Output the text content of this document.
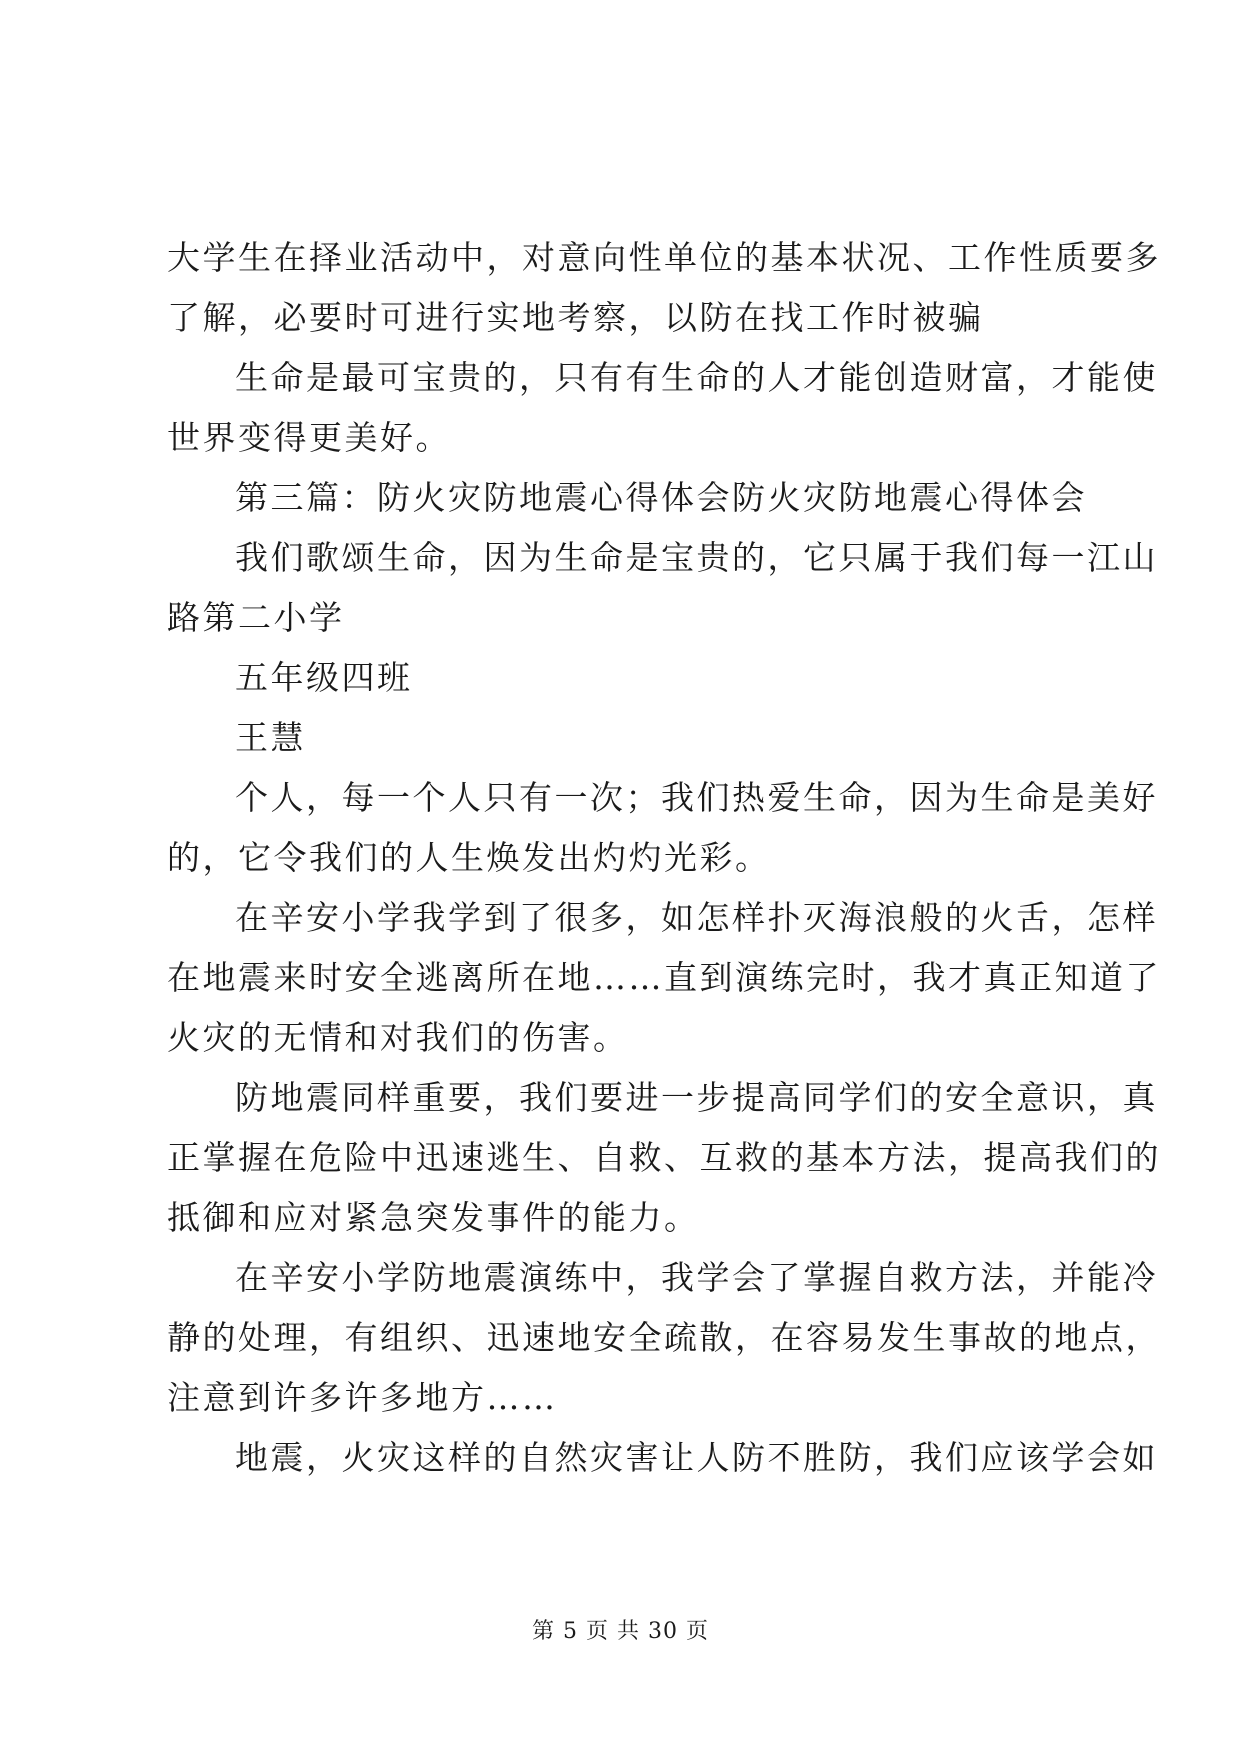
大学生在择业活动中，对意向性单位的基本状况、工作性质要多
了解，必要时可进行实地考察，以防在找工作时被骗
生命是最可宝贵的，只有有生命的人才能创造财富，才能使
世界变得更美好。
第三篇：防火灾防地震心得体会防火灾防地震心得体会
我们歌颂生命，因为生命是宝贵的，它只属于我们每一江山
路第二小学
五年级四班
王慧
个人，每一个人只有一次；我们热爱生命，因为生命是美好
的，它令我们的人生焕发出灼灼光彩。
在辛安小学我学到了很多，如怎样扑灭海浪般的火舌，怎样
在地震来时安全逃离所在地……直到演练完时，我才真正知道了
火灾的无情和对我们的伤害。
防地震同样重要，我们要进一步提高同学们的安全意识，真
正掌握在危险中迅速逃生、自救、互救的基本方法，提高我们的
抵御和应对紧急突发事件的能力。
在辛安小学防地震演练中，我学会了掌握自救方法，并能冷
静的处理，有组织、迅速地安全疏散，在容易发生事故的地点，
注意到许多许多地方……
地震，火灾这样的自然灾害让人防不胜防，我们应该学会如
第 5 页 共 30 页
